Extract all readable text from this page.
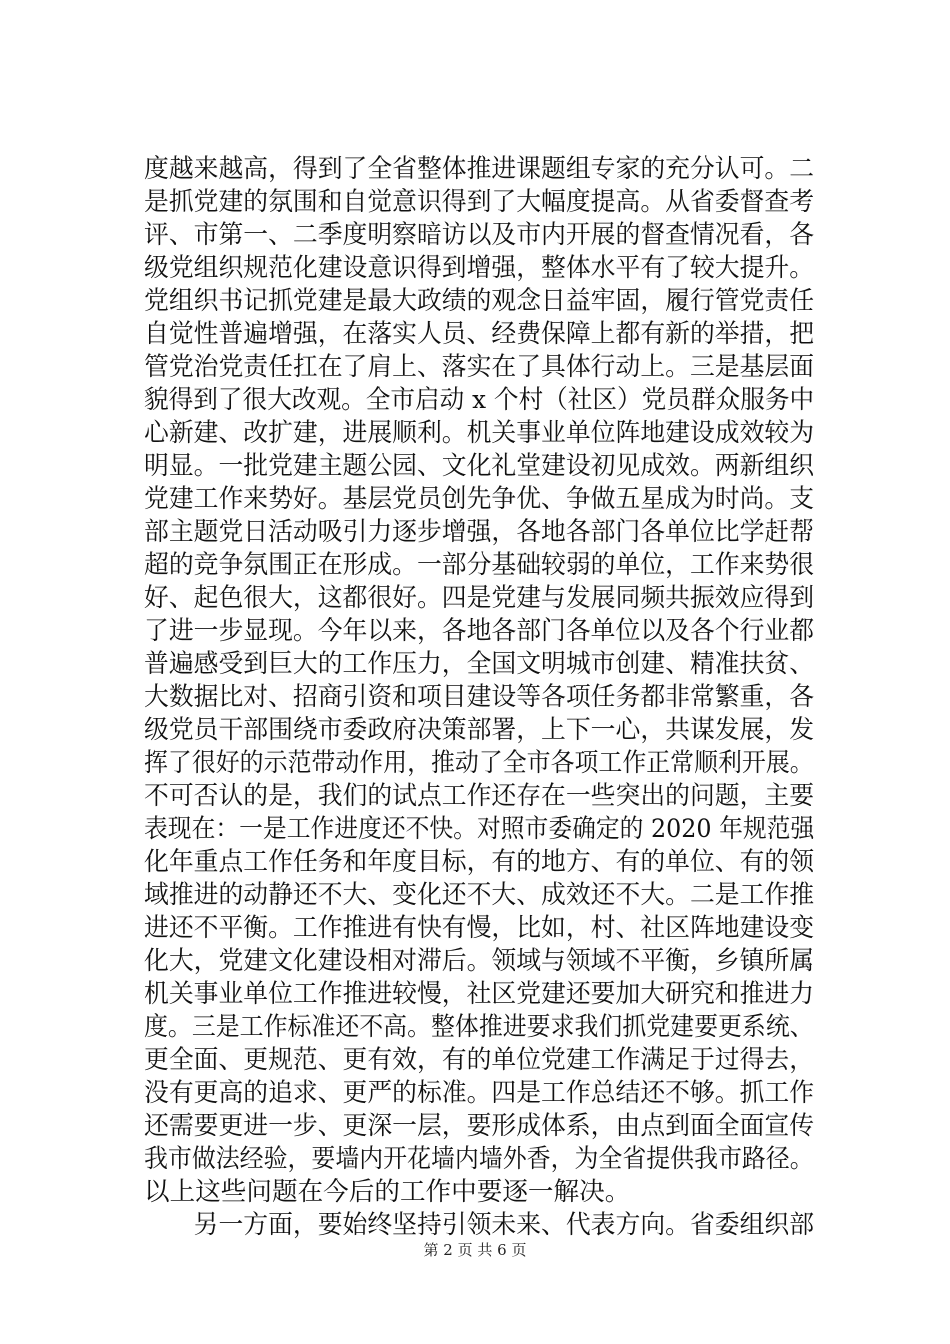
度越来越高，得到了全省整体推进课题组专家的充分认可。二
是抓党建的氛围和自觉意识得到了大幅度提高。从省委督查考
评、市第一、二季度明察暗访以及市内开展的督查情况看，各
级党组织规范化建设意识得到增强，整体水平有了较大提升。
党组织书记抓党建是最大政绩的观念日益牢固，履行管党责任
自觉性普遍增强，在落实人员、经费保障上都有新的举措，把
管党治党责任扛在了肩上、落实在了具体行动上。三是基层面
貌得到了很大改观。全市启动 x 个村（社区）党员群众服务中
心新建、改扩建，进展顺利。机关事业单位阵地建设成效较为
明显。一批党建主题公园、文化礼堂建设初见成效。两新组织
党建工作来势好。基层党员创先争优、争做五星成为时尚。支
部主题党日活动吸引力逐步增强，各地各部门各单位比学赶帮
超的竞争氛围正在形成。一部分基础较弱的单位，工作来势很
好、起色很大，这都很好。四是党建与发展同频共振效应得到
了进一步显现。今年以来，各地各部门各单位以及各个行业都
普遍感受到巨大的工作压力，全国文明城市创建、精准扶贫、
大数据比对、招商引资和项目建设等各项任务都非常繁重，各
级党员干部围绕市委政府决策部署，上下一心，共谋发展，发
挥了很好的示范带动作用，推动了全市各项工作正常顺利开展。
不可否认的是，我们的试点工作还存在一些突出的问题，主要
表现在：一是工作进度还不快。对照市委确定的 2020 年规范强
化年重点工作任务和年度目标，有的地方、有的单位、有的领
域推进的动静还不大、变化还不大、成效还不大。二是工作推
进还不平衡。工作推进有快有慢，比如，村、社区阵地建设变
化大，党建文化建设相对滞后。领域与领域不平衡，乡镇所属
机关事业单位工作推进较慢，社区党建还要加大研究和推进力
度。三是工作标准还不高。整体推进要求我们抓党建要更系统、
更全面、更规范、更有效，有的单位党建工作满足于过得去，
没有更高的追求、更严的标准。四是工作总结还不够。抓工作
还需要更进一步、更深一层，要形成体系，由点到面全面宣传
我市做法经验，要墙内开花墙内墙外香，为全省提供我市路径。
以上这些问题在今后的工作中要逐一解决。
　　另一方面，要始终坚持引领未来、代表方向。省委组织部
第 2 页 共 6 页
